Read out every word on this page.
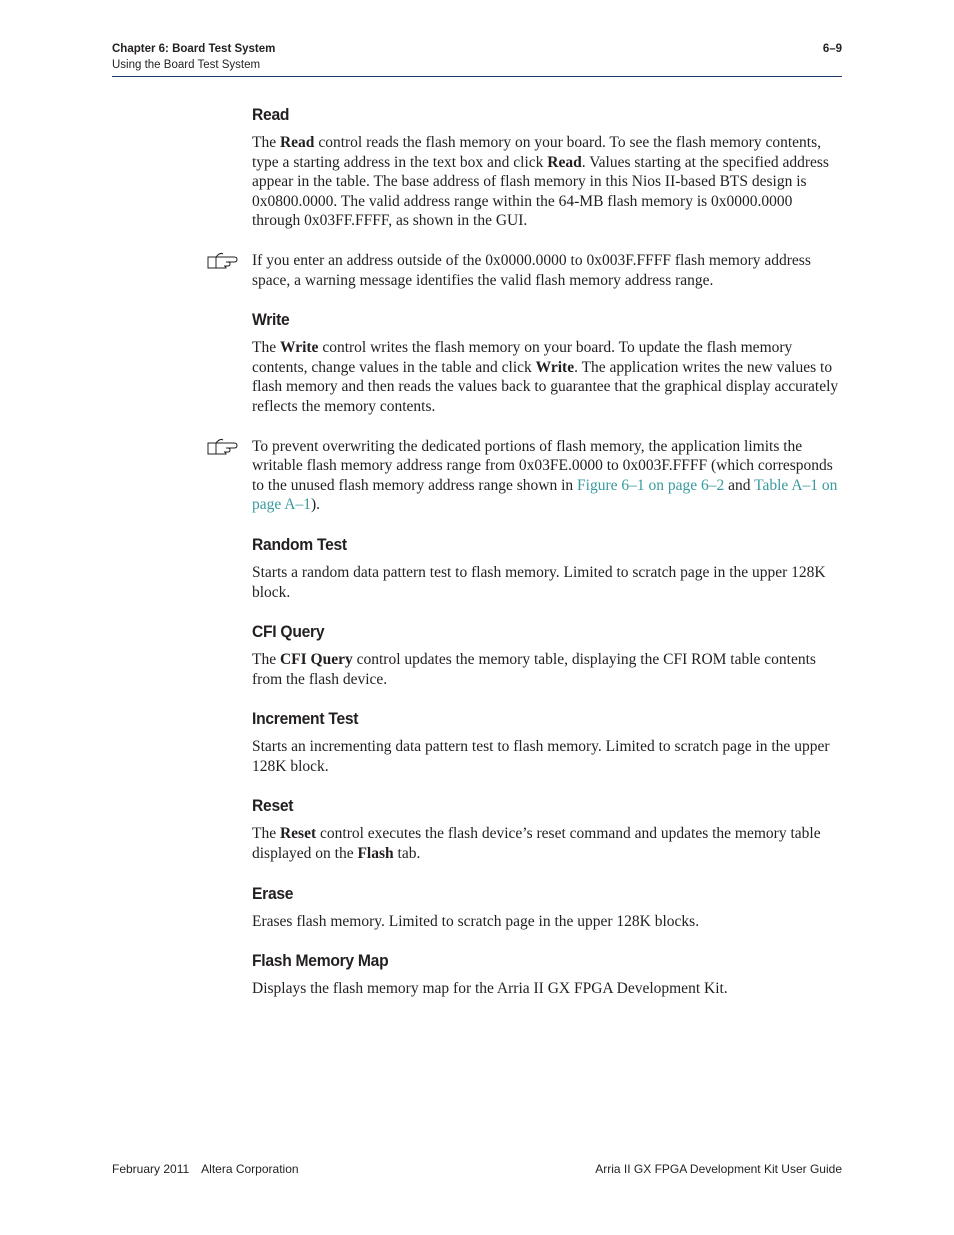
Chapter 6: Board Test System
Using the Board Test System
6–9
Read

The Read control reads the flash memory on your board. To see the flash memory contents, type a starting address in the text box and click Read. Values starting at the specified address appear in the table. The base address of flash memory in this Nios II-based BTS design is 0x0800.0000. The valid address range within the 64-MB flash memory is 0x0000.0000 through 0x03FF.FFFF, as shown in the GUI.

If you enter an address outside of the 0x0000.0000 to 0x003F.FFFF flash memory address space, a warning message identifies the valid flash memory address range.

Write

The Write control writes the flash memory on your board. To update the flash memory contents, change values in the table and click Write. The application writes the new values to flash memory and then reads the values back to guarantee that the graphical display accurately reflects the memory contents.

To prevent overwriting the dedicated portions of flash memory, the application limits the writable flash memory address range from 0x03FE.0000 to 0x003F.FFFF (which corresponds to the unused flash memory address range shown in Figure 6–1 on page 6–2 and Table A–1 on page A–1).

Random Test

Starts a random data pattern test to flash memory. Limited to scratch page in the upper 128K block.

CFI Query

The CFI Query control updates the memory table, displaying the CFI ROM table contents from the flash device.

Increment Test

Starts an incrementing data pattern test to flash memory. Limited to scratch page in the upper 128K block.

Reset

The Reset control executes the flash device’s reset command and updates the memory table displayed on the Flash tab.

Erase

Erases flash memory. Limited to scratch page in the upper 128K blocks.

Flash Memory Map

Displays the flash memory map for the Arria II GX FPGA Development Kit.

February 2011 Altera Corporation	Arria II GX FPGA Development Kit User Guide
